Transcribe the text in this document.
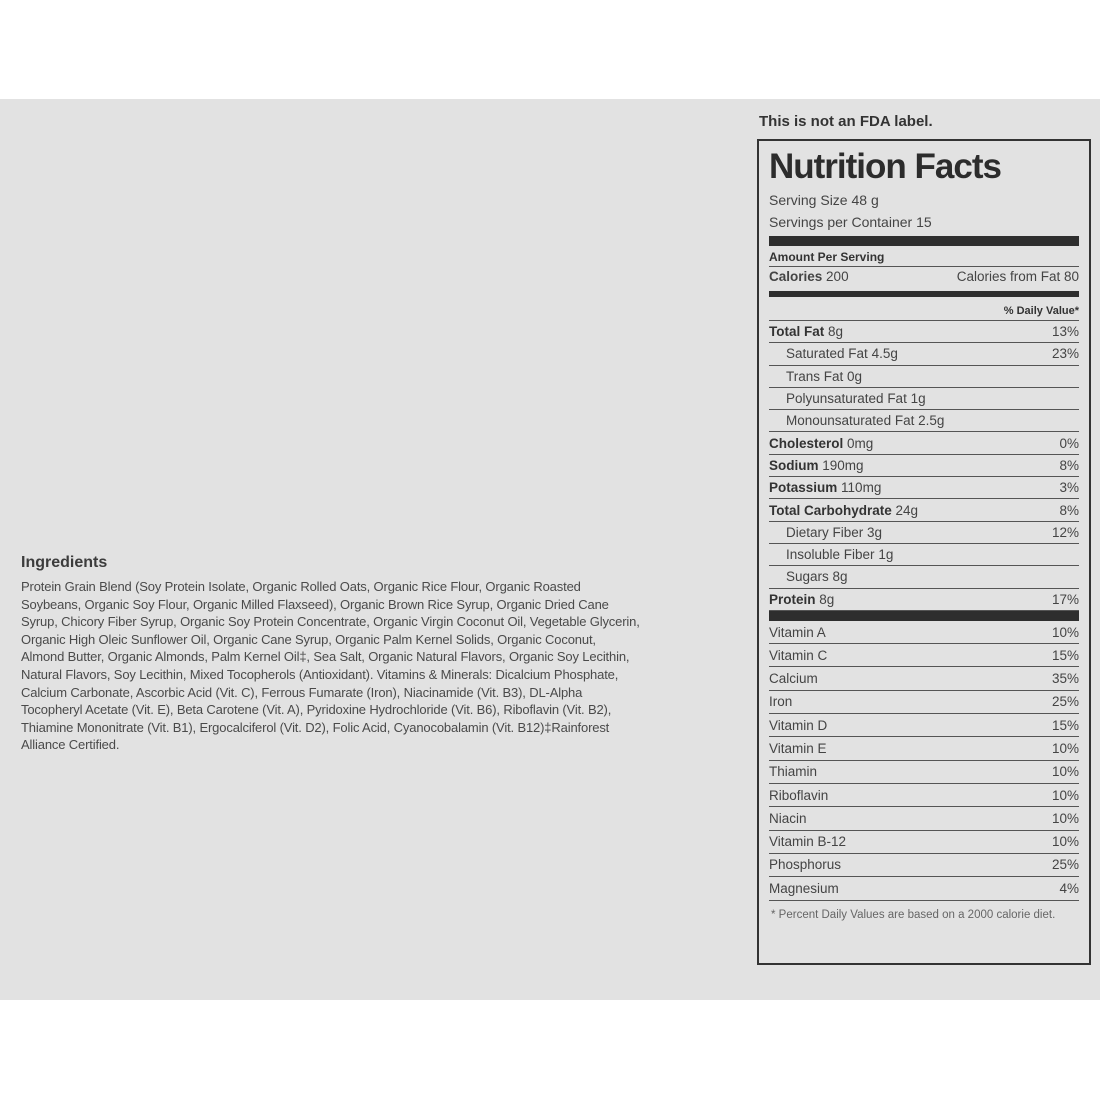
Ingredients
Protein Grain Blend (Soy Protein Isolate, Organic Rolled Oats, Organic Rice Flour, Organic Roasted Soybeans, Organic Soy Flour, Organic Milled Flaxseed), Organic Brown Rice Syrup, Organic Dried Cane Syrup, Chicory Fiber Syrup, Organic Soy Protein Concentrate, Organic Virgin Coconut Oil, Vegetable Glycerin, Organic High Oleic Sunflower Oil, Organic Cane Syrup, Organic Palm Kernel Solids, Organic Coconut, Almond Butter, Organic Almonds, Palm Kernel Oil‡, Sea Salt, Organic Natural Flavors, Organic Soy Lecithin, Natural Flavors, Soy Lecithin, Mixed Tocopherols (Antioxidant). Vitamins & Minerals: Dicalcium Phosphate, Calcium Carbonate, Ascorbic Acid (Vit. C), Ferrous Fumarate (Iron), Niacinamide (Vit. B3), DL-Alpha Tocopheryl Acetate (Vit. E), Beta Carotene (Vit. A), Pyridoxine Hydrochloride (Vit. B6), Riboflavin (Vit. B2), Thiamine Mononitrate (Vit. B1), Ergocalciferol (Vit. D2), Folic Acid, Cyanocobalamin (Vit. B12)‡Rainforest Alliance Certified.
This is not an FDA label.
Nutrition Facts
Serving Size 48 g
Servings per Container 15
Amount Per Serving
Calories 200	Calories from Fat 80
% Daily Value*
Total Fat 8g	13%
Saturated Fat 4.5g	23%
Trans Fat 0g
Polyunsaturated Fat 1g
Monounsaturated Fat 2.5g
Cholesterol 0mg	0%
Sodium 190mg	8%
Potassium 110mg	3%
Total Carbohydrate 24g	8%
Dietary Fiber 3g	12%
Insoluble Fiber 1g
Sugars 8g
Protein 8g	17%
Vitamin A	10%
Vitamin C	15%
Calcium	35%
Iron	25%
Vitamin D	15%
Vitamin E	10%
Thiamin	10%
Riboflavin	10%
Niacin	10%
Vitamin B-12	10%
Phosphorus	25%
Magnesium	4%
* Percent Daily Values are based on a 2000 calorie diet.
